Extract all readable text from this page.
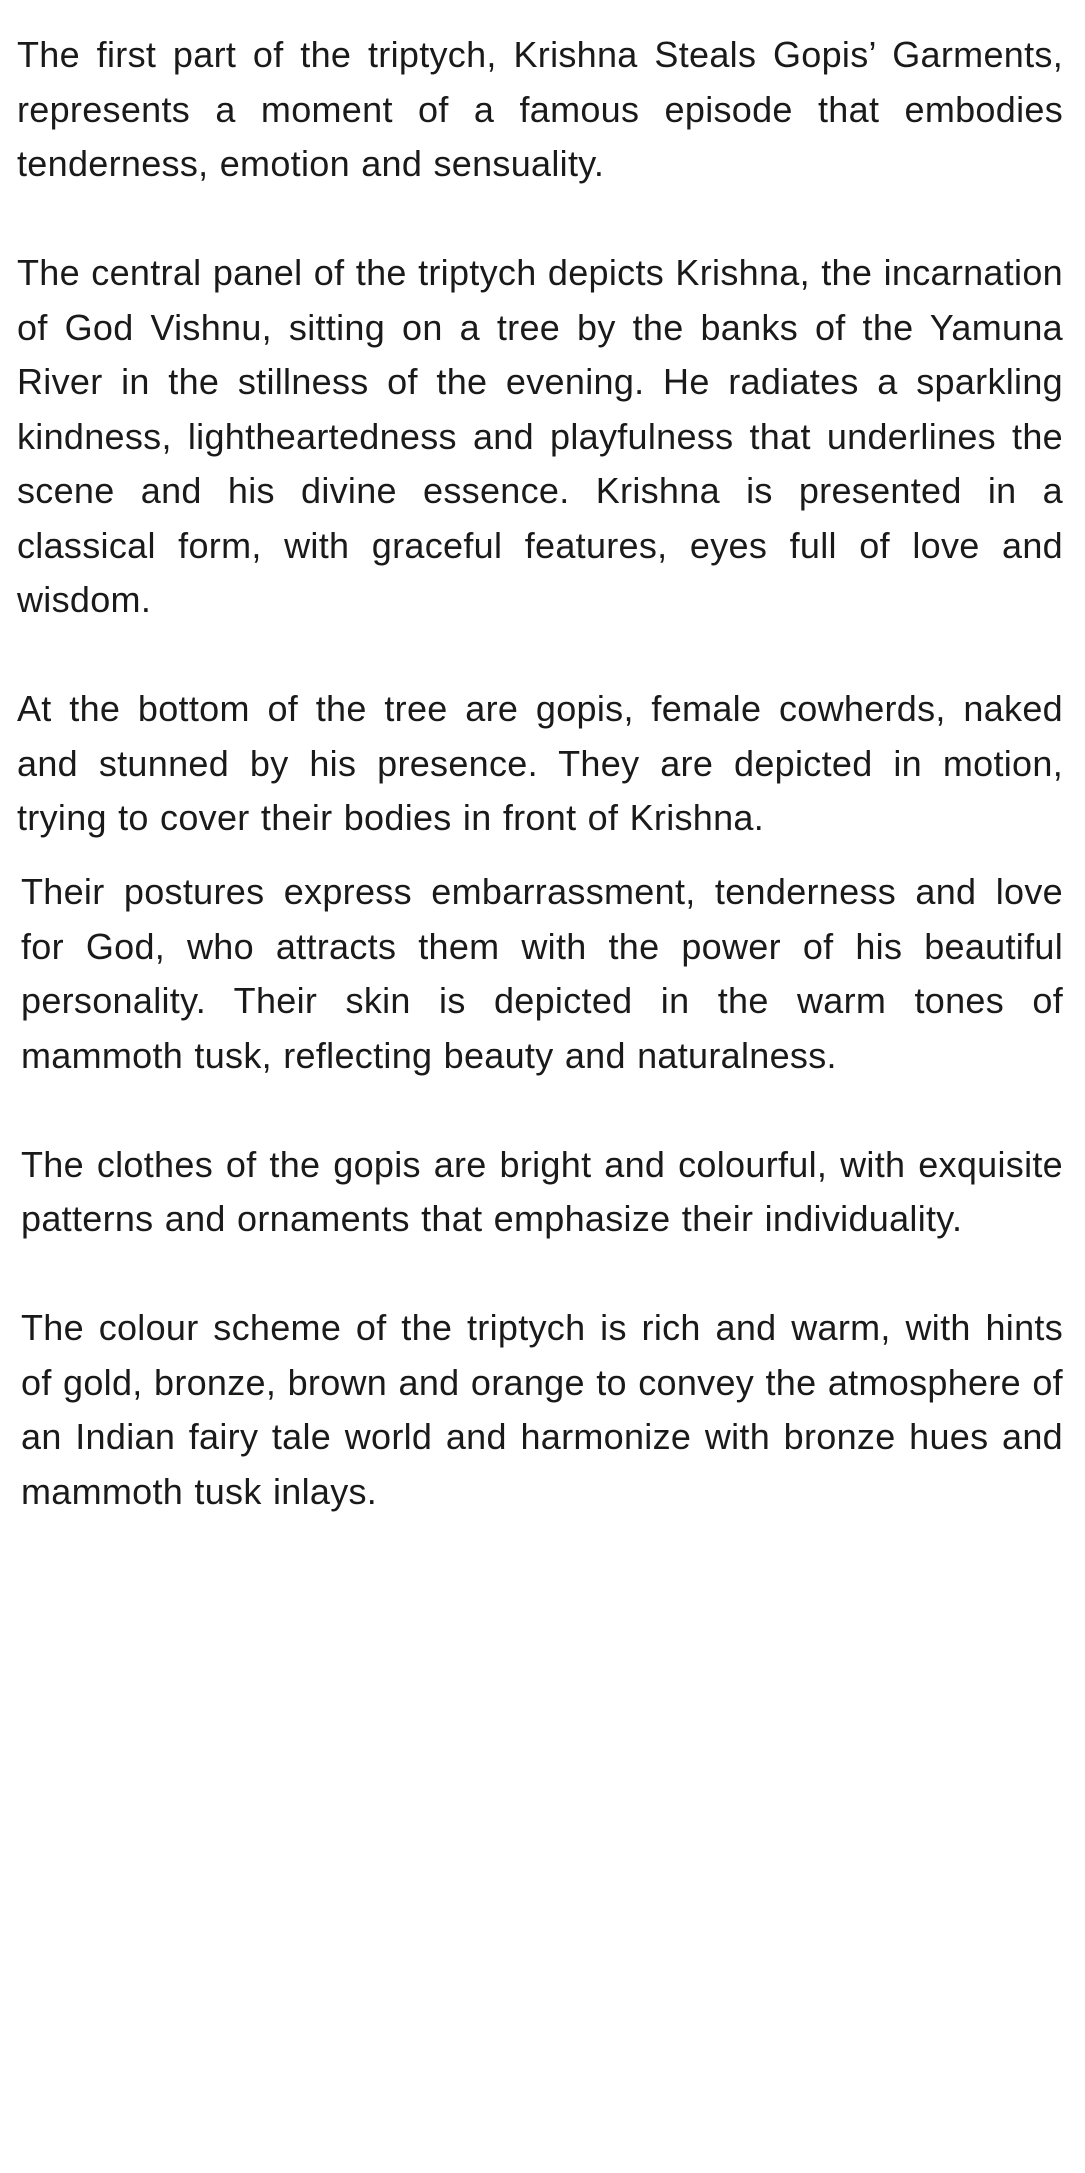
The first part of the triptych, Krishna Steals Gopis’ Garments, represents a moment of a famous episode that embodies tenderness, emotion and sensuality.

The central panel of the triptych depicts Krishna, the incarnation of God Vishnu, sitting on a tree by the banks of the Yamuna River in the stillness of the evening. He radiates a sparkling kindness, lightheartedness and playfulness that underlines the scene and his divine essence. Krishna is presented in a classical form, with graceful features, eyes full of love and wisdom.

At the bottom of the tree are gopis, female cowherds, naked and stunned by his presence. They are depicted in motion, trying to cover their bodies in front of Krishna.

Their postures express embarrassment, tenderness and love for God, who attracts them with the power of his beautiful personality. Their skin is depicted in the warm tones of mammoth tusk, reflecting beauty and naturalness.

The clothes of the gopis are bright and colourful, with exquisite patterns and ornaments that emphasize their individuality.

The colour scheme of the triptych is rich and warm, with hints of gold, bronze, brown and orange to convey the atmosphere of an Indian fairy tale world and harmonize with bronze hues and mammoth tusk inlays.
